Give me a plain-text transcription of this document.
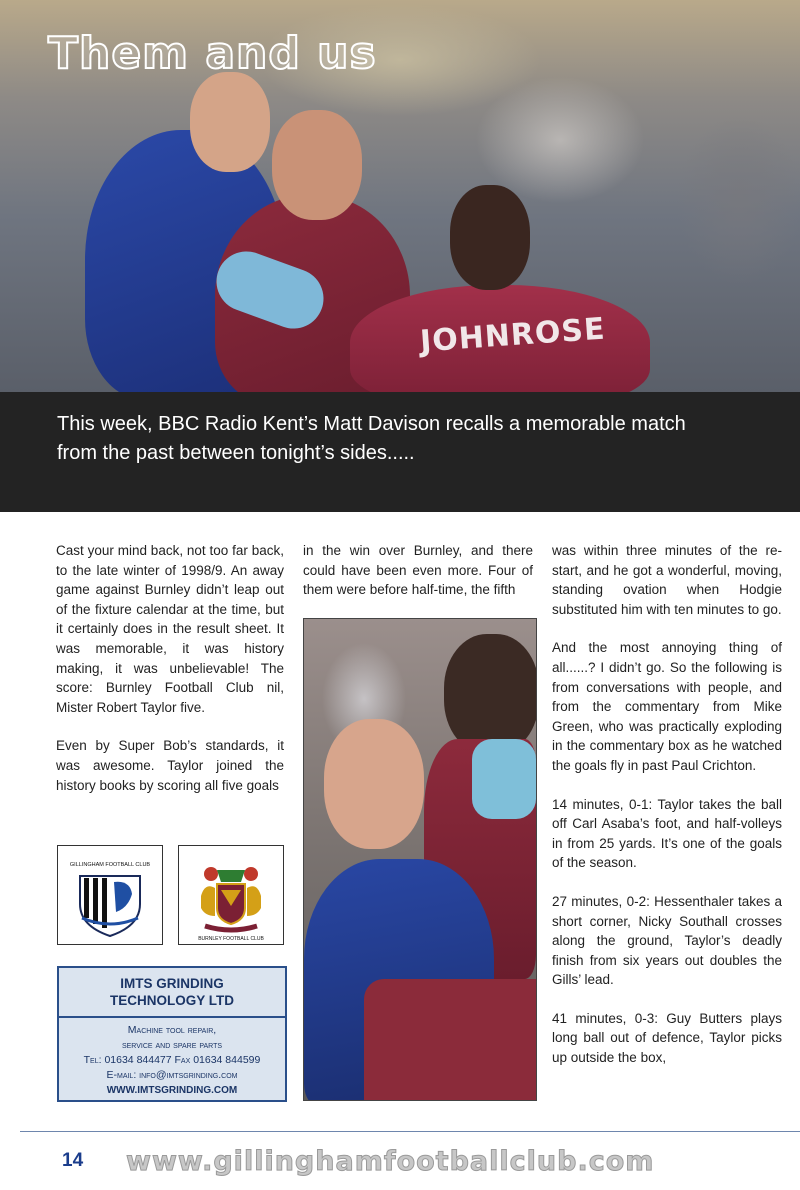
JOHNROSE
Them and us
This week, BBC Radio Kent’s Matt Davison recalls a memorable match from the past between tonight’s sides.....

Cast your mind back, not too far back, to the late winter of 1998/9. An away game against Burnley didn’t leap out of the fixture calendar at the time, but it certainly does in the result sheet. It was memorable, it was history making, it was unbelievable! The score: Burnley Football Club nil, Mister Robert Taylor five.

Even by Super Bob’s standards, it was awesome. Taylor joined the history books by scoring all five goals

in the win over Burnley, and there could have been even more. Four of them were before half-time, the fifth

was within three minutes of the re-start, and he got a wonderful, moving, standing ovation when Hodgie substituted him with ten minutes to go.

And the most annoying thing of all......? I didn’t go. So the following is from conversations with people, and from the commentary from Mike Green, who was practically exploding in the commentary box as he watched the goals fly in past Paul Crichton.

14 minutes, 0-1: Taylor takes the ball off Carl Asaba’s foot, and half-volleys in from 25 yards. It’s one of the goals of the season.

27 minutes, 0-2: Hessenthaler takes a short corner, Nicky Southall crosses along the ground, Taylor’s deadly finish from six years out doubles the Gills’ lead.

41 minutes, 0-3: Guy Butters plays long ball out of defence, Taylor picks up outside the box,

GILLINGHAM FOOTBALL CLUB
BURNLEY FOOTBALL CLUB
IMTS GRINDING
TECHNOLOGY LTD
Machine tool repair,
service and spare parts
Tel: 01634 844477 Fax 01634 844599
E-mail: info@imtsgrinding.com
WWW.IMTSGRINDING.COM
14 www.gillinghamfootballclub.com
